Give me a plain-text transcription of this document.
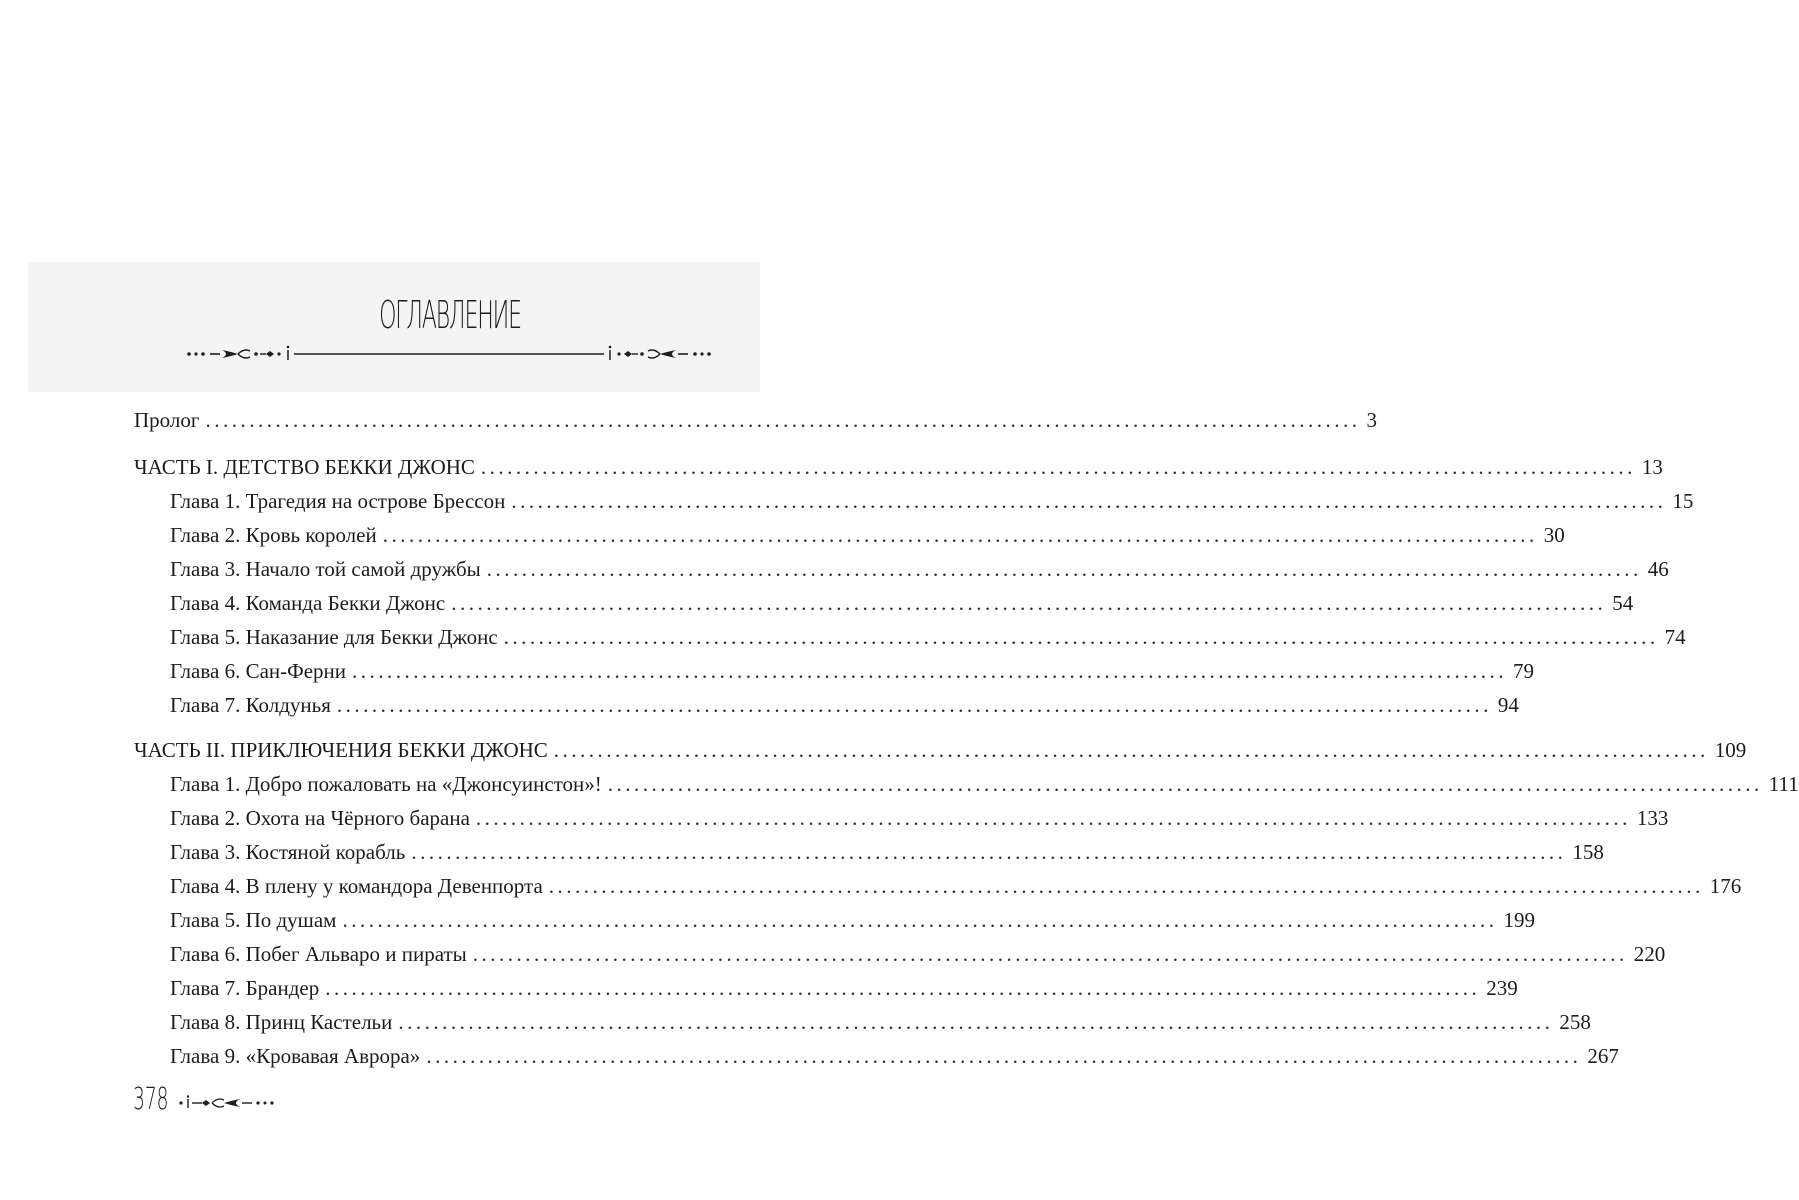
ОГЛАВЛЕНИЕ
Пролог .................................................................................................................................... 3
ЧАСТЬ I. ДЕТСТВО БЕККИ ДЖОНС .................................................................................................................................... 13
Глава 1. Трагедия на острове Брессон .................................................................................................................................... 15
Глава 2. Кровь королей .................................................................................................................................... 30
Глава 3. Начало той самой дружбы .................................................................................................................................... 46
Глава 4. Команда Бекки Джонс .................................................................................................................................... 54
Глава 5. Наказание для Бекки Джонс .................................................................................................................................... 74
Глава 6. Сан-Ферни .................................................................................................................................... 79
Глава 7. Колдунья .................................................................................................................................... 94
ЧАСТЬ II. ПРИКЛЮЧЕНИЯ БЕККИ ДЖОНС .................................................................................................................................... 109
Глава 1. Добро пожаловать на «Джонсуинстон»! .................................................................................................................................... 111
Глава 2. Охота на Чёрного барана .................................................................................................................................... 133
Глава 3. Костяной корабль .................................................................................................................................... 158
Глава 4. В плену у командора Девенпорта .................................................................................................................................... 176
Глава 5. По душам .................................................................................................................................... 199
Глава 6. Побег Альваро и пираты .................................................................................................................................... 220
Глава 7. Брандер .................................................................................................................................... 239
Глава 8. Принц Кастельи .................................................................................................................................... 258
Глава 9. «Кровавая Аврора» .................................................................................................................................... 267
378
